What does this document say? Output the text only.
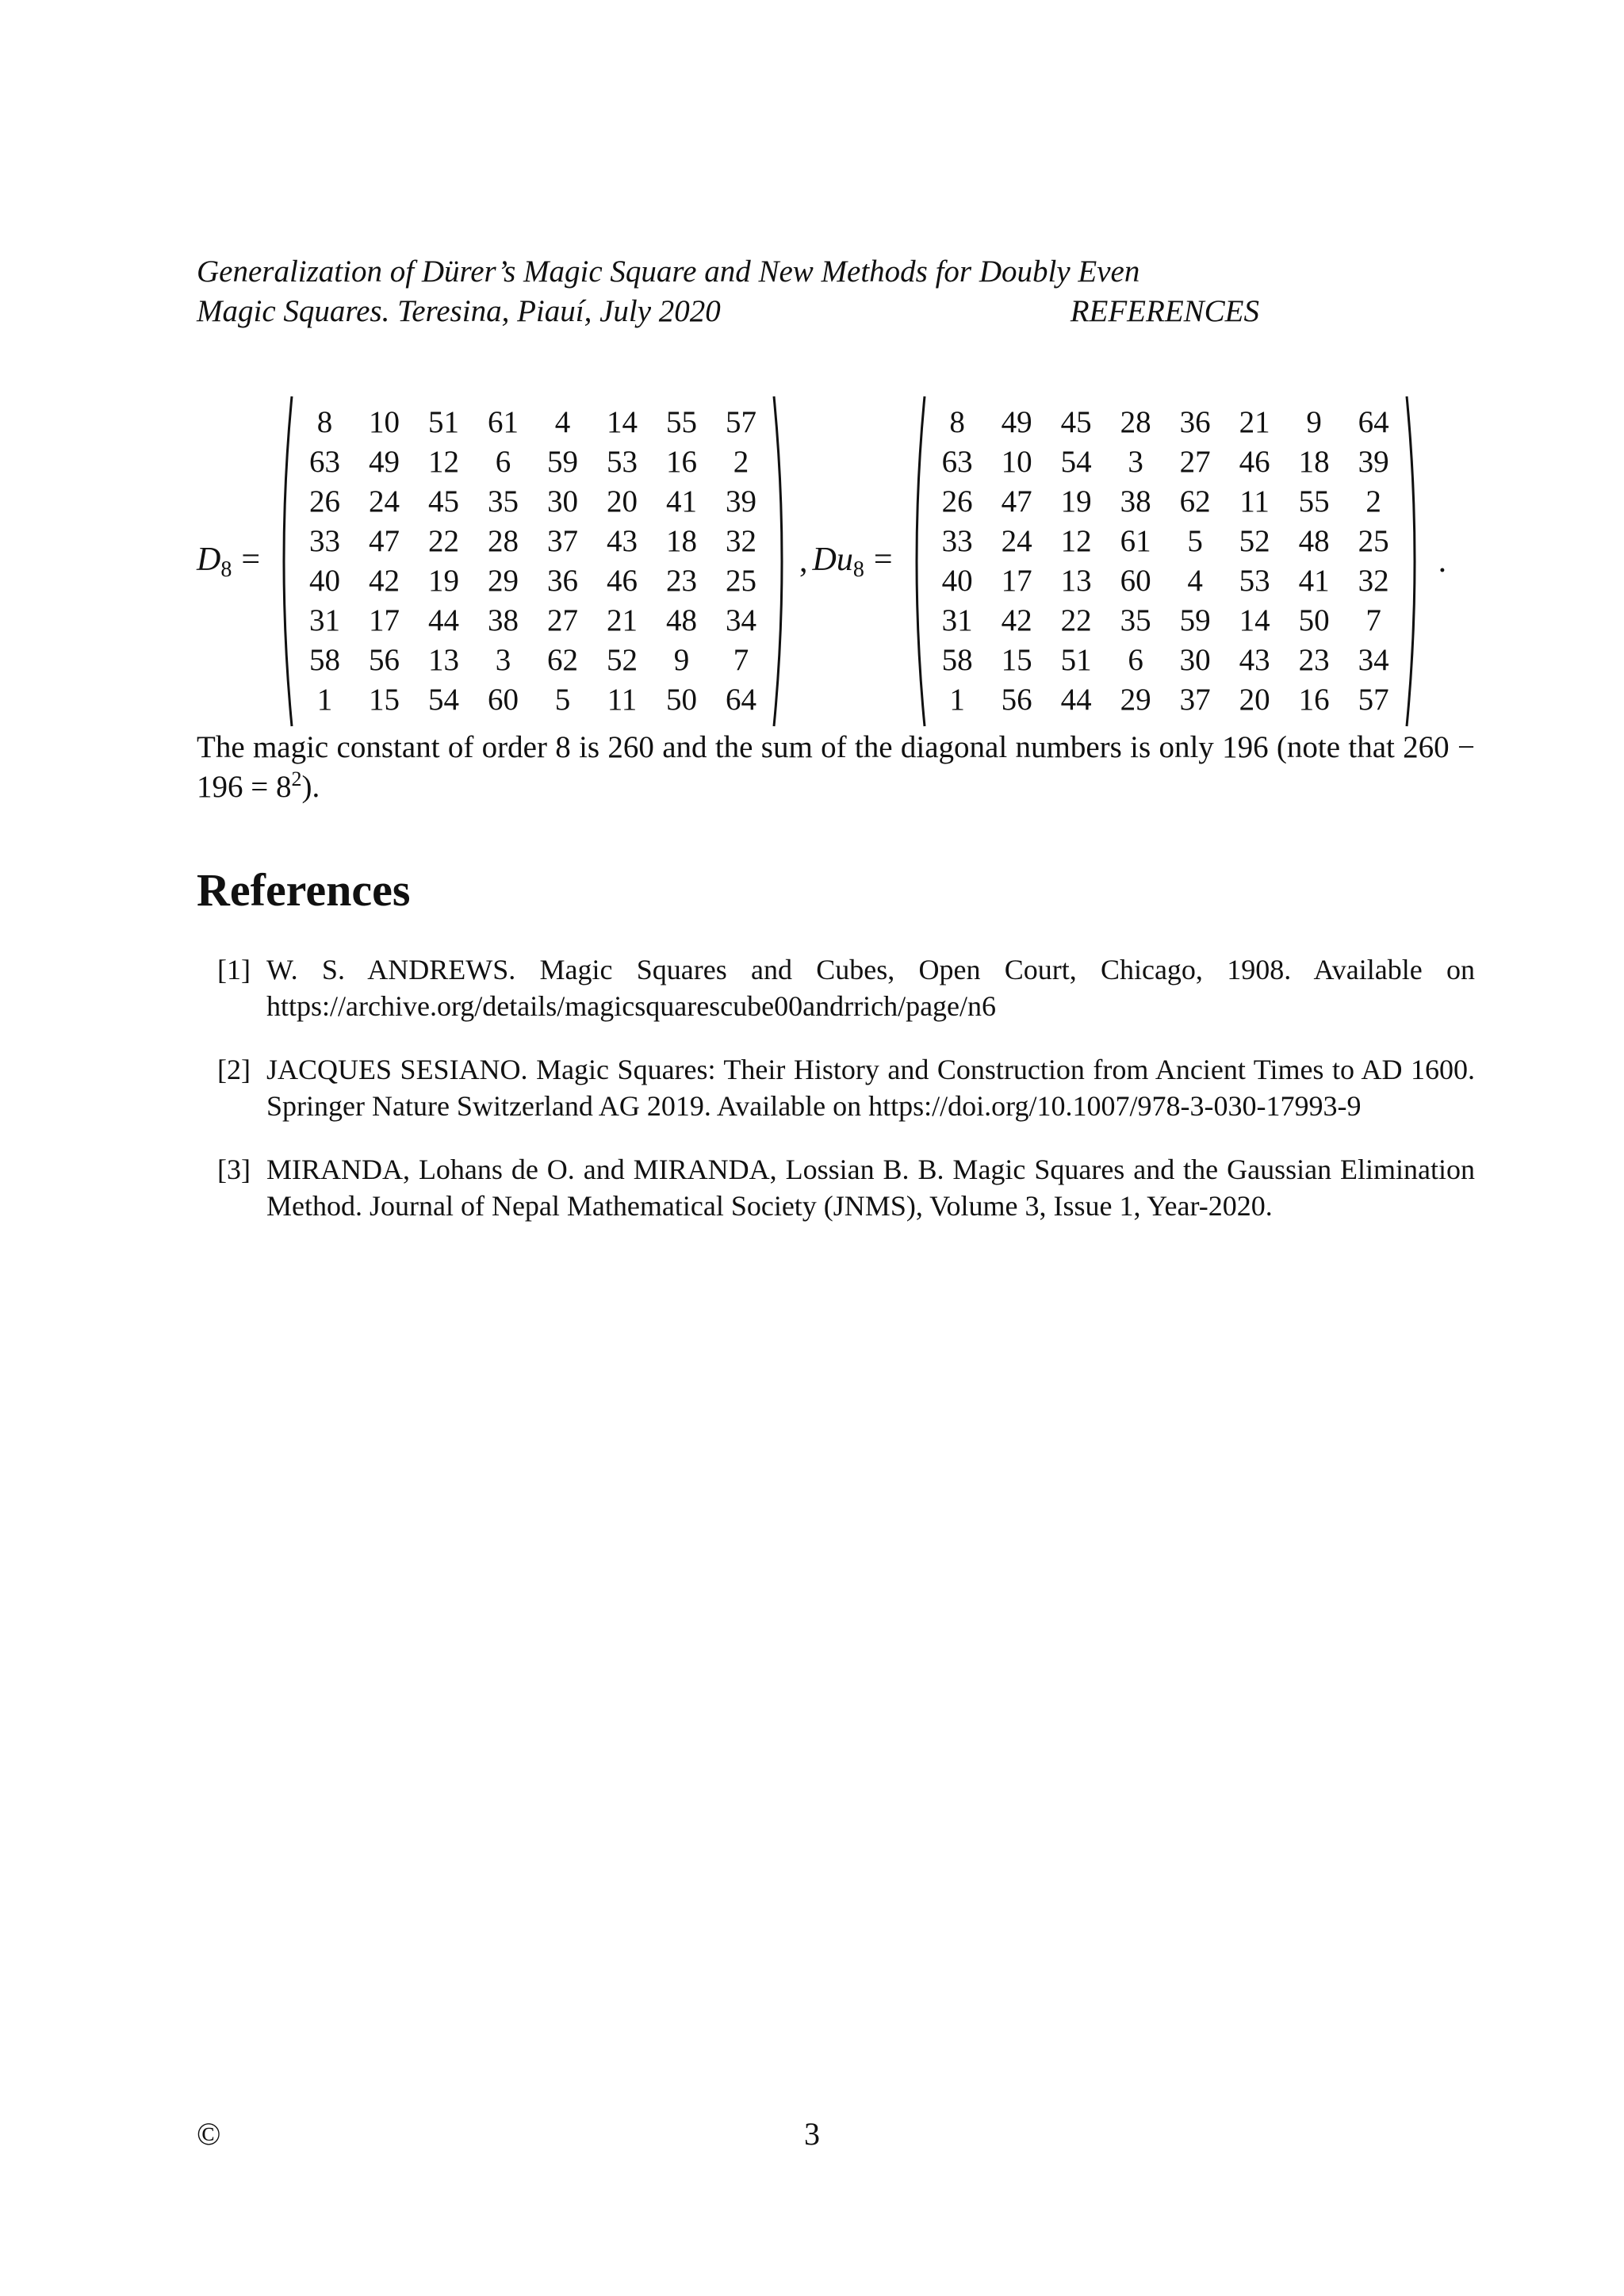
Generalization of Dürer’s Magic Square and New Methods for Doubly Even
Magic Squares. Teresina, Piauí, July 2020	REFERENCES
$D_8$ =
8	10 51 61	4	14 55 57
63 49 12	6	59 53 16	2
26 24 45 35 30 20 41 39
33 47 22 28 37 43 18 32
40 42 19 29 36 46 23 25
31 17 44 38 27 21 48 34
58 56 13	3	62 52	9	7
1	15 54 60	5	11 50 64
, $Du_8$ =
8	49 45 28 36 21	9	64
63 10 54	3	27 46 18 39
26 47 19 38 62 11 55	2
33 24 12 61	5	52 48 25
40 17 13 60	4	53 41 32
31 42 22 35 59 14 50	7
58 15 51	6	30 43 23 34
1	56 44 29 37 20 16 57
.

The magic constant of order 8 is 260 and the sum of the diagonal numbers is only 196 (note that $260 - 196 = 8^2$).

References
[1] W. S. ANDREWS. Magic Squares and Cubes, Open Court, Chicago, 1908. Available on https://archive.org/details/magicsquarescube00andrrich/page/n6
[2] JACQUES SESIANO. Magic Squares: Their History and Construction from Ancient Times to AD 1600. Springer Nature Switzerland AG 2019. Available on https://doi.org/10.1007/978-3-030-17993-9
[3] MIRANDA, Lohans de O. and MIRANDA, Lossian B. B. Magic Squares and the Gaussian Elimination Method. Journal of Nepal Mathematical Society (JNMS), Volume 3, Issue 1, Year-2020.
©	3
